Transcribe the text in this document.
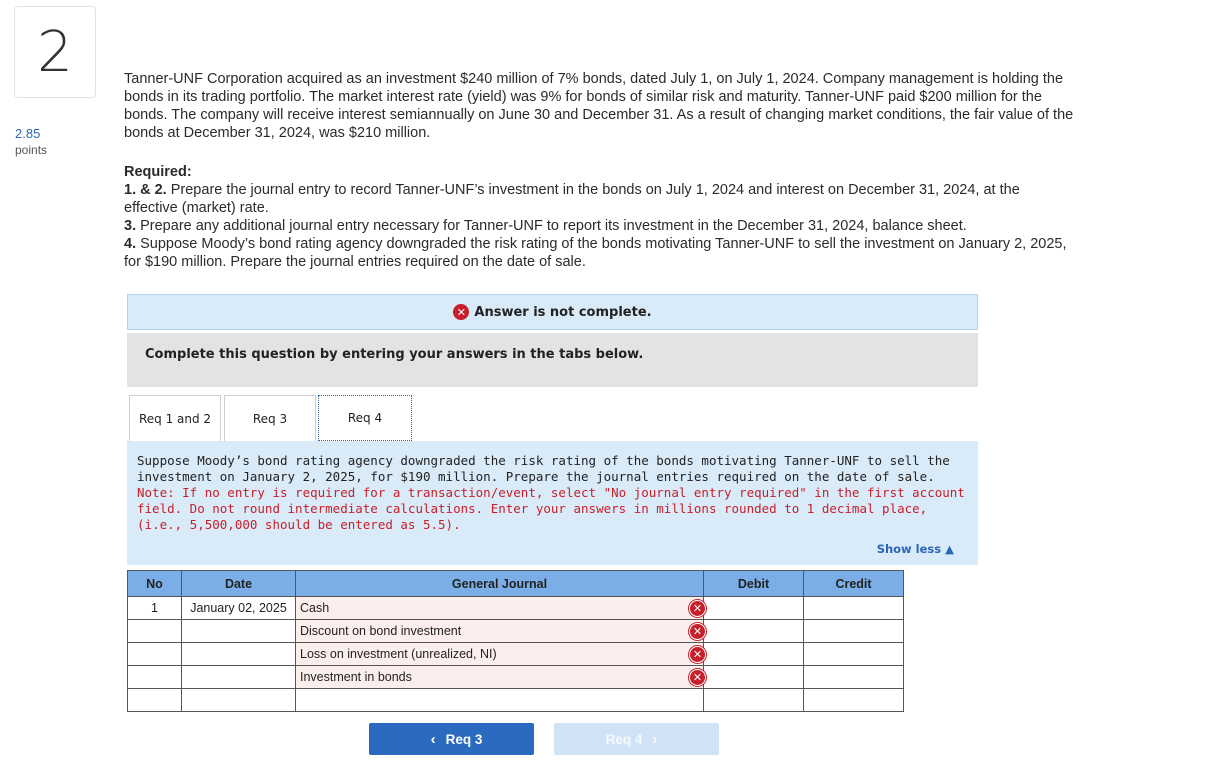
2
2.85
points
Tanner-UNF Corporation acquired as an investment $240 million of 7% bonds, dated July 1, on July 1, 2024. Company management is holding the bonds in its trading portfolio. The market interest rate (yield) was 9% for bonds of similar risk and maturity. Tanner-UNF paid $200 million for the bonds. The company will receive interest semiannually on June 30 and December 31. As a result of changing market conditions, the fair value of the bonds at December 31, 2024, was $210 million.
Required:
1. & 2. Prepare the journal entry to record Tanner-UNF’s investment in the bonds on July 1, 2024 and interest on December 31, 2024, at the effective (market) rate.
3. Prepare any additional journal entry necessary for Tanner-UNF to report its investment in the December 31, 2024, balance sheet.
4. Suppose Moody’s bond rating agency downgraded the risk rating of the bonds motivating Tanner-UNF to sell the investment on January 2, 2025, for $190 million. Prepare the journal entries required on the date of sale.
✕ Answer is not complete.
Complete this question by entering your answers in the tabs below.
Req 1 and 2	Req 3	Req 4
Suppose Moody’s bond rating agency downgraded the risk rating of the bonds motivating Tanner-UNF to sell the investment on January 2, 2025, for $190 million. Prepare the journal entries required on the date of sale.
Note: If no entry is required for a transaction/event, select "No journal entry required" in the first account field. Do not round intermediate calculations. Enter your answers in millions rounded to 1 decimal place, (i.e., 5,500,000 should be entered as 5.5).
Show less ▲
No	Date	General Journal	Debit	Credit
1	January 02, 2025	Cash ✕		

		Discount on bond investment ✕		

		Loss on investment (unrealized, NI) ✕		

		Investment in bonds ✕		

‹ Req 3	Req 4 ›
